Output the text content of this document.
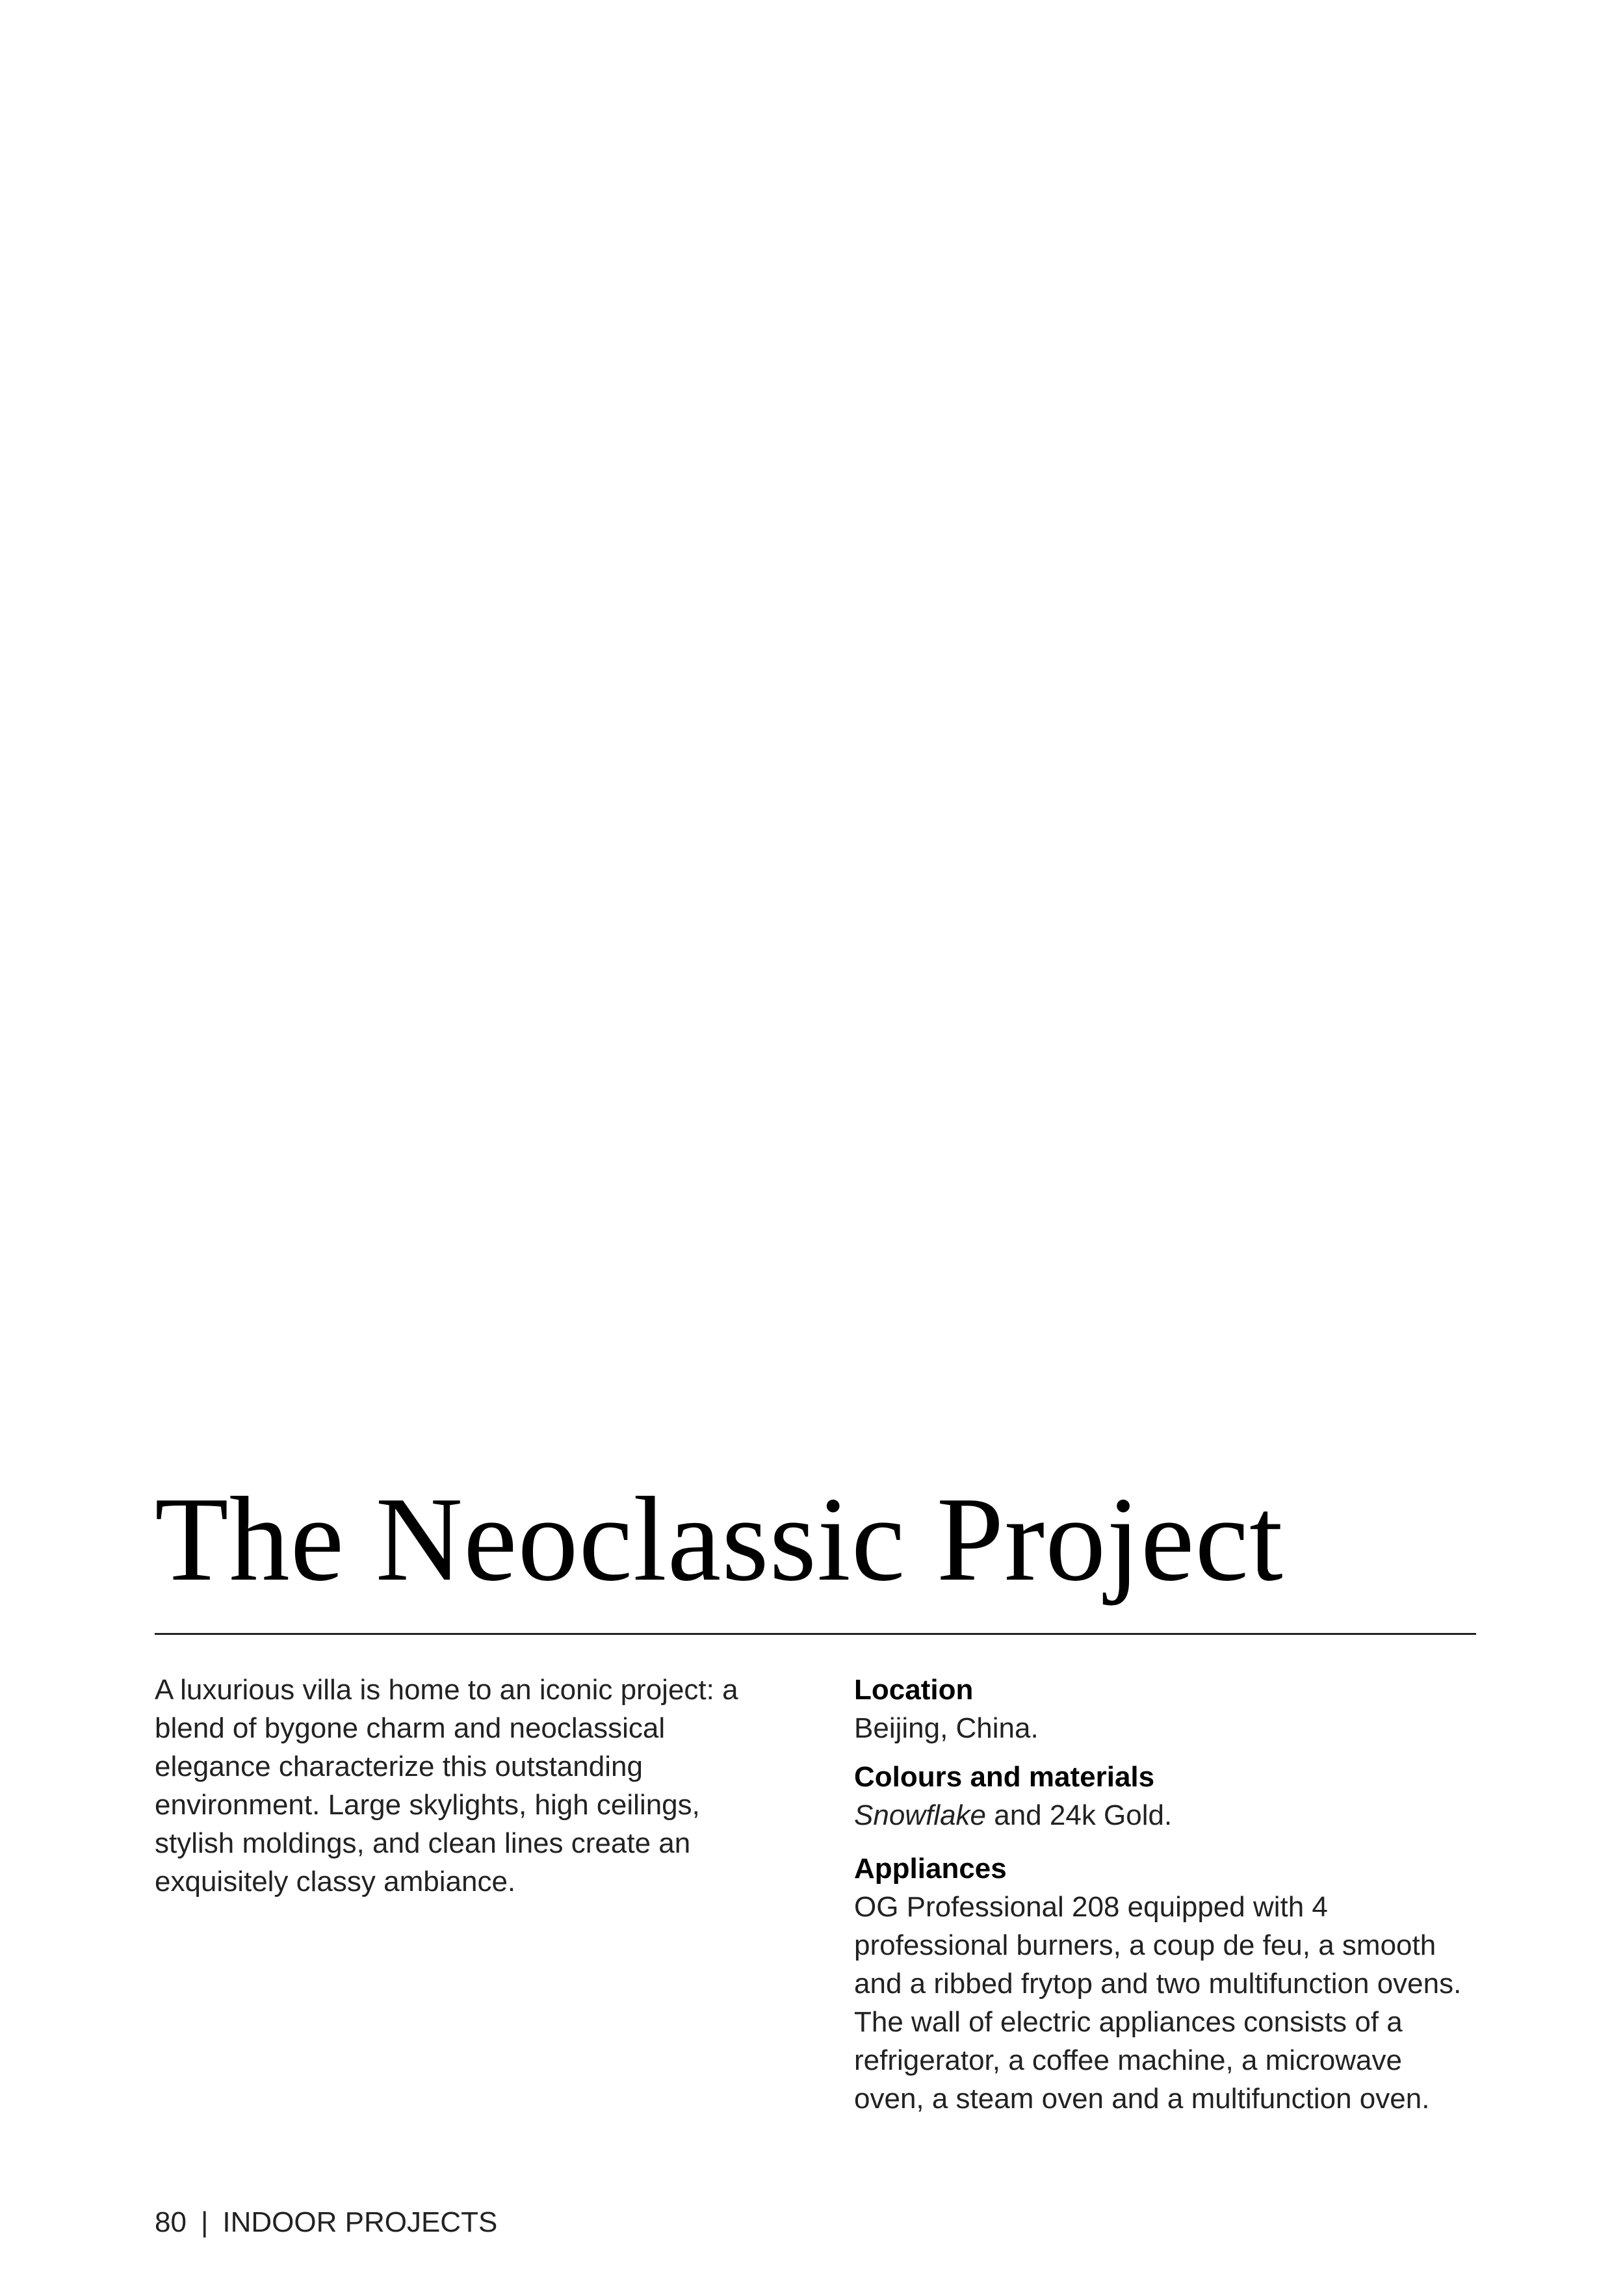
The Neoclassic Project

A luxurious villa is home to an iconic project: a blend of bygone charm and neoclassical elegance characterize this outstanding environment. Large skylights, high ceilings, stylish moldings, and clean lines create an exquisitely classy ambiance.

Location

Beijing, China.

Colours and materials

Snowflake and 24k Gold.

Appliances

OG Professional 208 equipped with 4 professional burners, a coup de feu, a smooth and a ribbed frytop and two multifunction ovens. The wall of electric appliances consists of a refrigerator, a coffee machine, a microwave oven, a steam oven and a multifunction oven.

80 | INDOOR PROJECTS
